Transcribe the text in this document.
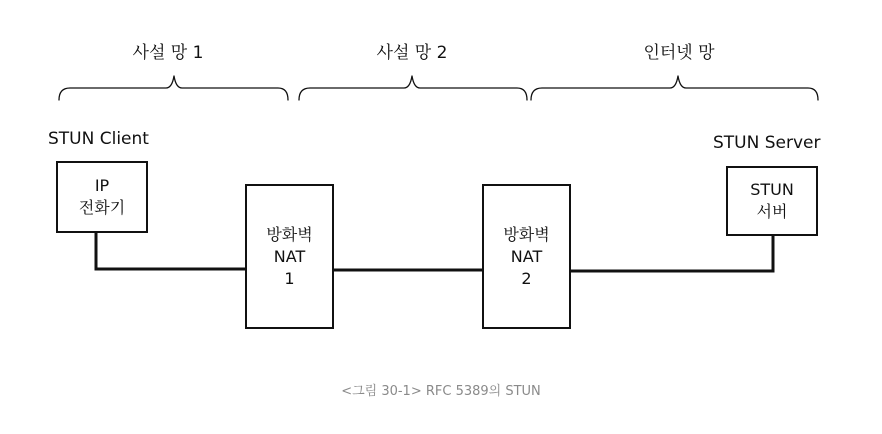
사설 망 1	사설 망 2	인터넷 망
STUN Client
IP
전화기
방화벽
NAT
1
방화벽
NAT
2
STUN Server
STUN
서버
<그림 30-1> RFC 5389의 STUN
